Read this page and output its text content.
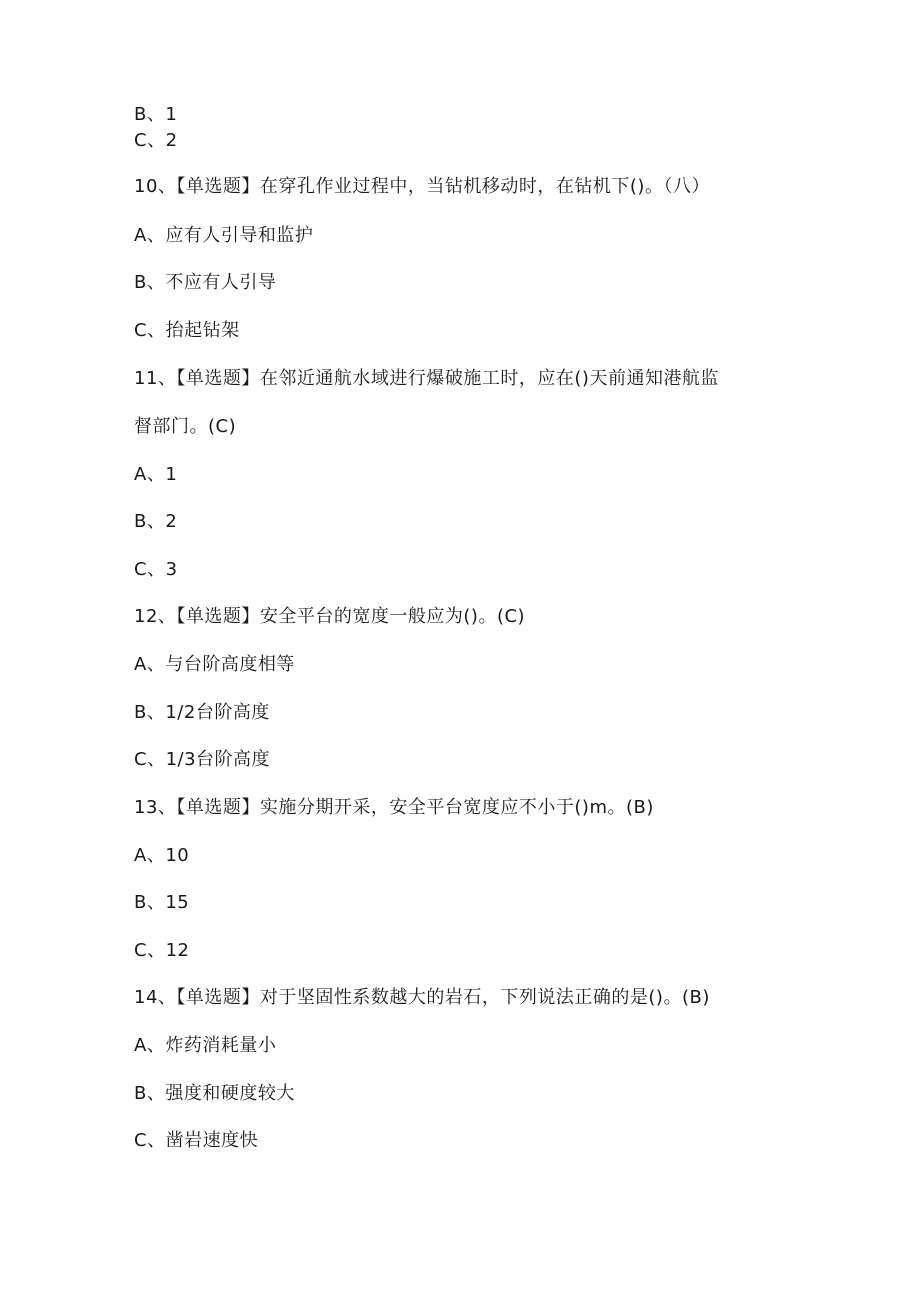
B、1
C、2
10、【单选题】在穿孔作业过程中，当钻机移动时，在钻机下()。（八）
A、应有人引导和监护
B、不应有人引导
C、抬起钻架
11、【单选题】在邻近通航水域进行爆破施工时，应在()天前通知港航监
督部门。(C)
A、1
B、2
C、3
12、【单选题】安全平台的宽度一般应为()。(C)
A、与台阶高度相等
B、1/2台阶高度
C、1/3台阶高度
13、【单选题】实施分期开采，安全平台宽度应不小于()m。(B)
A、10
B、15
C、12
14、【单选题】对于坚固性系数越大的岩石，下列说法正确的是()。(B)
A、炸药消耗量小
B、强度和硬度较大
C、凿岩速度快
